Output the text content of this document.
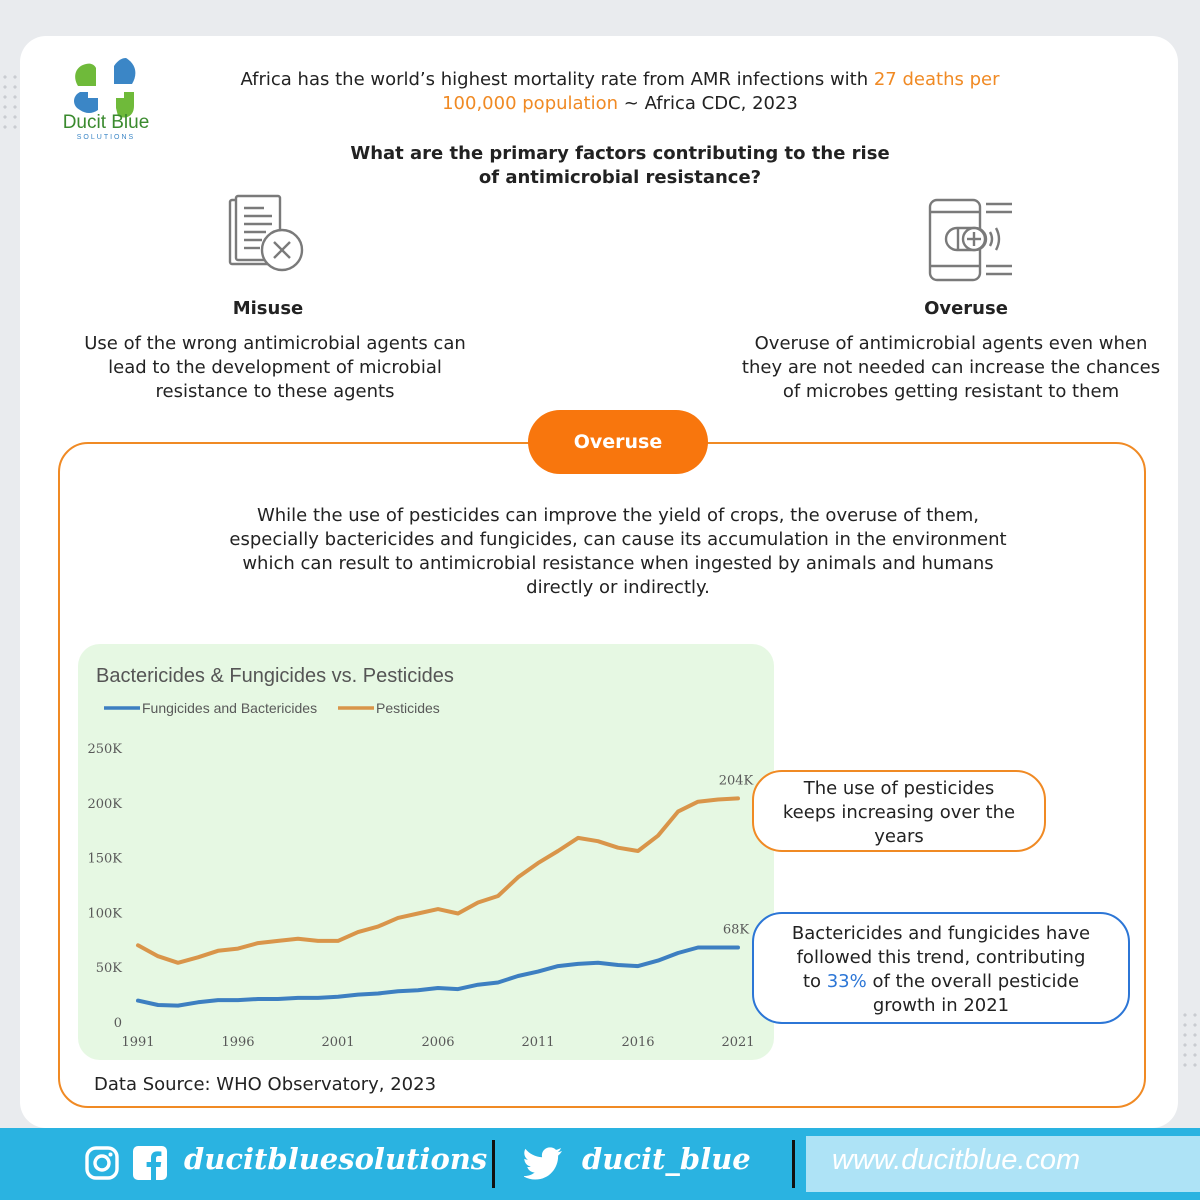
Ducit Blue
SOLUTIONS
Africa has the world’s highest mortality rate from AMR infections with 27 deaths per 100,000 population ~ Africa CDC, 2023
What are the primary factors contributing to the rise
of antimicrobial resistance?
Misuse
Use of the wrong antimicrobial agents can
lead to the development of microbial
resistance to these agents
Overuse
Overuse of antimicrobial agents even when
they are not needed can increase the chances
of microbes getting resistant to them
Overuse
While the use of pesticides can improve the yield of crops, the overuse of them,
especially bactericides and fungicides, can cause its accumulation in the environment
which can result to antimicrobial resistance when ingested by animals and humans
directly or indirectly.
Bactericides & Fungicides vs. Pesticides
Fungicides and Bactericides	Pesticides
0
50K
100K
150K
200K
250K
1991	1996	2001	2006	2011	2016	2021
68K
204K	The use of pesticides
keeps increasing over the
years
Bactericides and fungicides have
followed this trend, contributing
to 33% of the overall pesticide
growth in 2021
Data Source: WHO Observatory, 2023
ducitbluesolutions	ducit_blue	www.ducitblue.com
